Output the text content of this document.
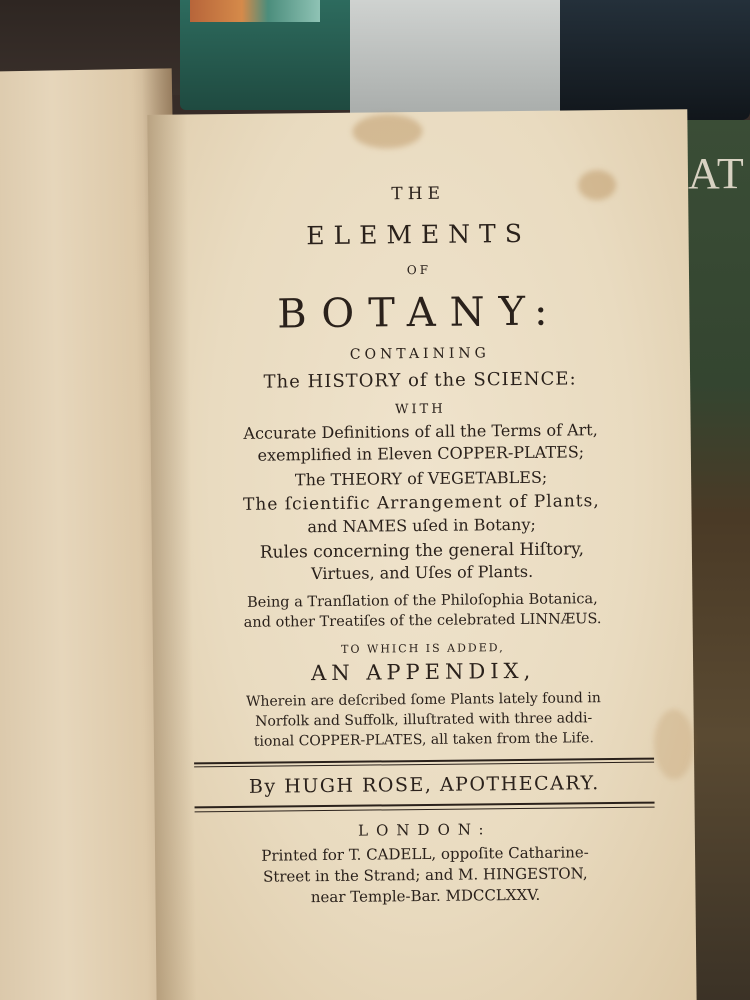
AT
THE
ELEMENTS
OF
BOTANY:
CONTAINING
The HISTORY of the SCIENCE:
WITH
Accurate Definitions of all the Terms of Art,
exemplified in Eleven COPPER-PLATES;
The THEORY of VEGETABLES;
The ſcientific Arrangement of Plants,
and NAMES uſed in Botany;
Rules concerning the general Hiſtory,
Virtues, and Uſes of Plants.
Being a Tranſlation of the Philoſophia Botanica,
and other Treatiſes of the celebrated LINNÆUS.
TO WHICH IS ADDED,
AN APPENDIX,
Wherein are deſcribed ſome Plants lately found in
Norfolk and Suffolk, illuſtrated with three addi-
tional COPPER-PLATES, all taken from the Life.
By HUGH ROSE, APOTHECARY.
LONDON:
Printed for T. CADELL, oppoſite Catharine-
Street in the Strand; and M. HINGESTON,
near Temple-Bar. MDCCLXXV.
